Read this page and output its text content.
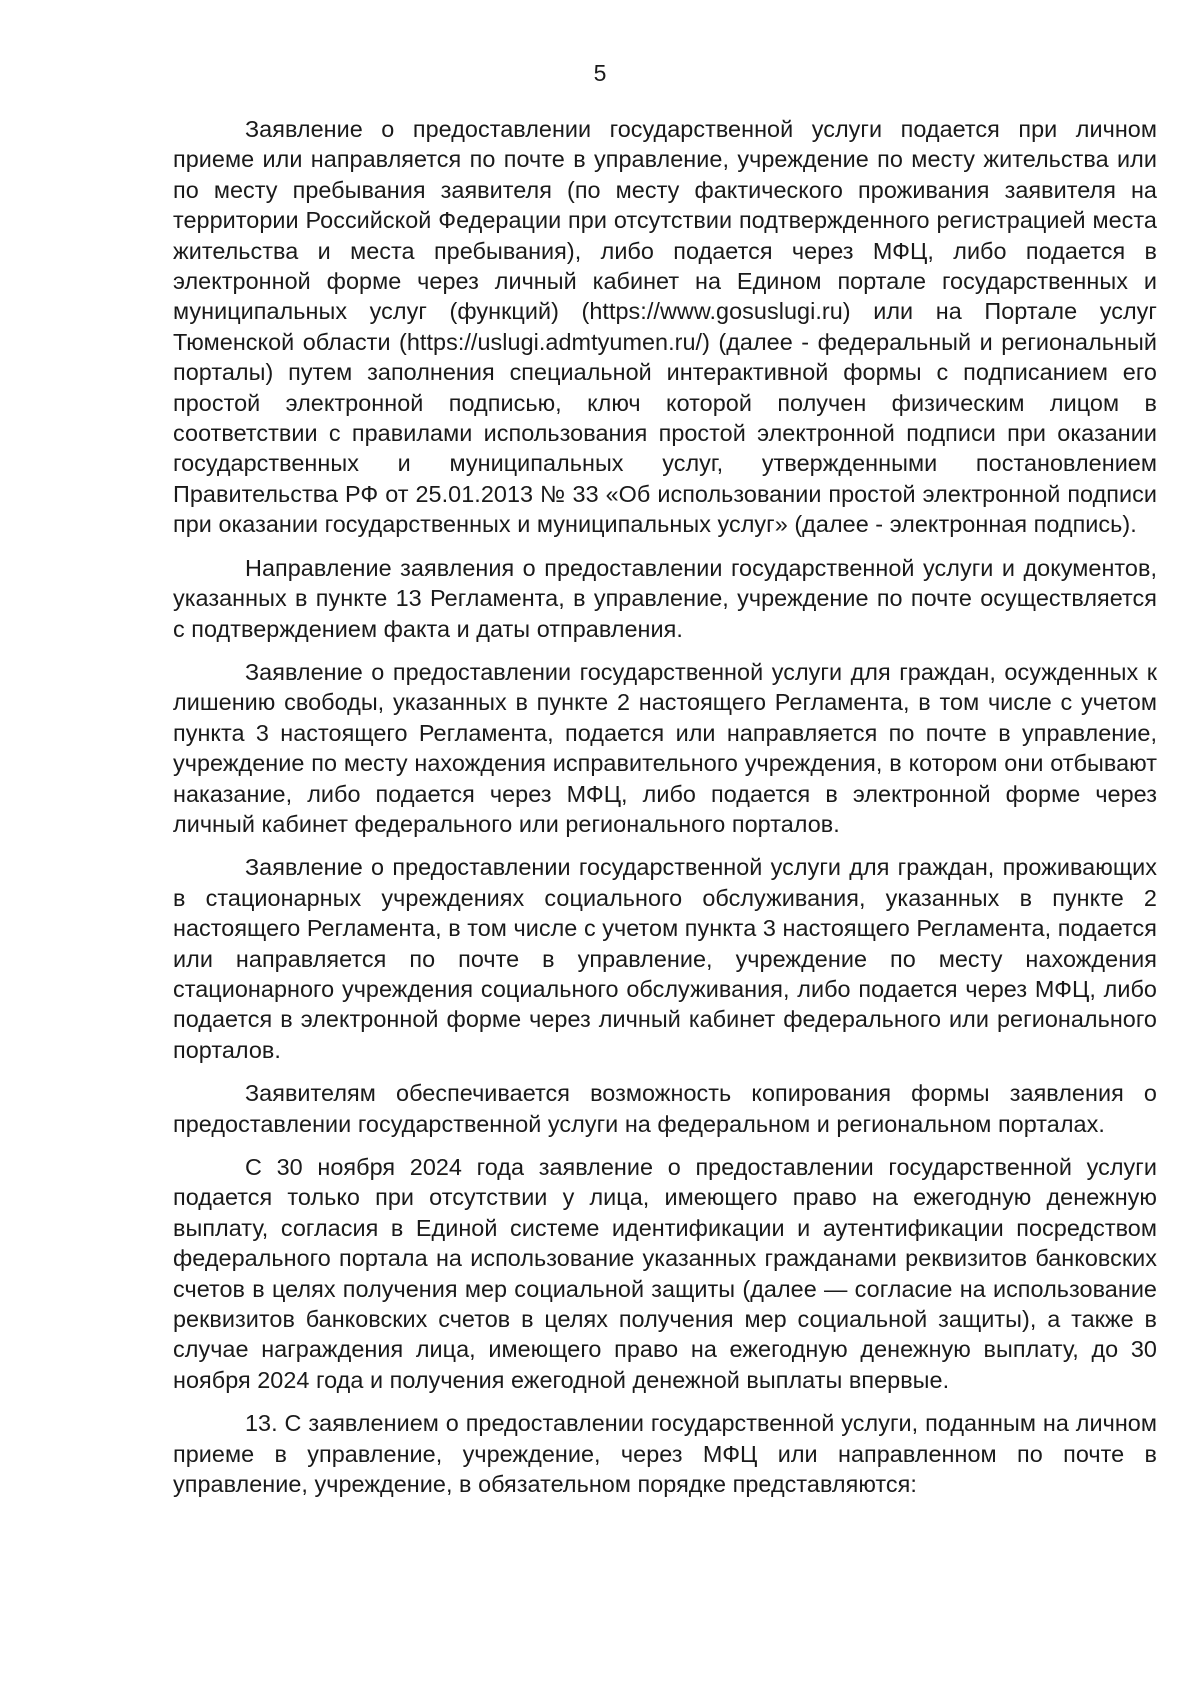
5

Заявление о предоставлении государственной услуги подается при личном приеме или направляется по почте в управление, учреждение по месту жительства или по месту пребывания заявителя (по месту фактического проживания заявителя на территории Российской Федерации при отсутствии подтвержденного регистрацией места жительства и места пребывания), либо подается через МФЦ, либо подается в электронной форме через личный кабинет на Едином портале государственных и муниципальных услуг (функций) (https://www.gosuslugi.ru) или на Портале услуг Тюменской области (https://uslugi.admtyumen.ru/) (далее - федеральный и региональный порталы) путем заполнения специальной интерактивной формы с подписанием его простой электронной подписью, ключ которой получен физическим лицом в соответствии с правилами использования простой электронной подписи при оказании государственных и муниципальных услуг, утвержденными постановлением Правительства РФ от 25.01.2013 № 33 «Об использовании простой электронной подписи при оказании государственных и муниципальных услуг» (далее - электронная подпись).

Направление заявления о предоставлении государственной услуги и документов, указанных в пункте 13 Регламента, в управление, учреждение по почте осуществляется с подтверждением факта и даты отправления.

Заявление о предоставлении государственной услуги для граждан, осужденных к лишению свободы, указанных в пункте 2 настоящего Регламента, в том числе с учетом пункта 3 настоящего Регламента, подается или направляется по почте в управление, учреждение по месту нахождения исправительного учреждения, в котором они отбывают наказание, либо подается через МФЦ, либо подается в электронной форме через личный кабинет федерального или регионального порталов.

Заявление о предоставлении государственной услуги для граждан, проживающих в стационарных учреждениях социального обслуживания, указанных в пункте 2 настоящего Регламента, в том числе с учетом пункта 3 настоящего Регламента, подается или направляется по почте в управление, учреждение по месту нахождения стационарного учреждения социального обслуживания, либо подается через МФЦ, либо подается в электронной форме через личный кабинет федерального или регионального порталов.

Заявителям обеспечивается возможность копирования формы заявления о предоставлении государственной услуги на федеральном и региональном порталах.

С 30 ноября 2024 года заявление о предоставлении государственной услуги подается только при отсутствии у лица, имеющего право на ежегодную денежную выплату, согласия в Единой системе идентификации и аутентификации посредством федерального портала на использование указанных гражданами реквизитов банковских счетов в целях получения мер социальной защиты (далее — согласие на использование реквизитов банковских счетов в целях получения мер социальной защиты), а также в случае награждения лица, имеющего право на ежегодную денежную выплату, до 30 ноября 2024 года и получения ежегодной денежной выплаты впервые.

13. С заявлением о предоставлении государственной услуги, поданным на личном приеме в управление, учреждение, через МФЦ или направленном по почте в управление, учреждение, в обязательном порядке представляются:
